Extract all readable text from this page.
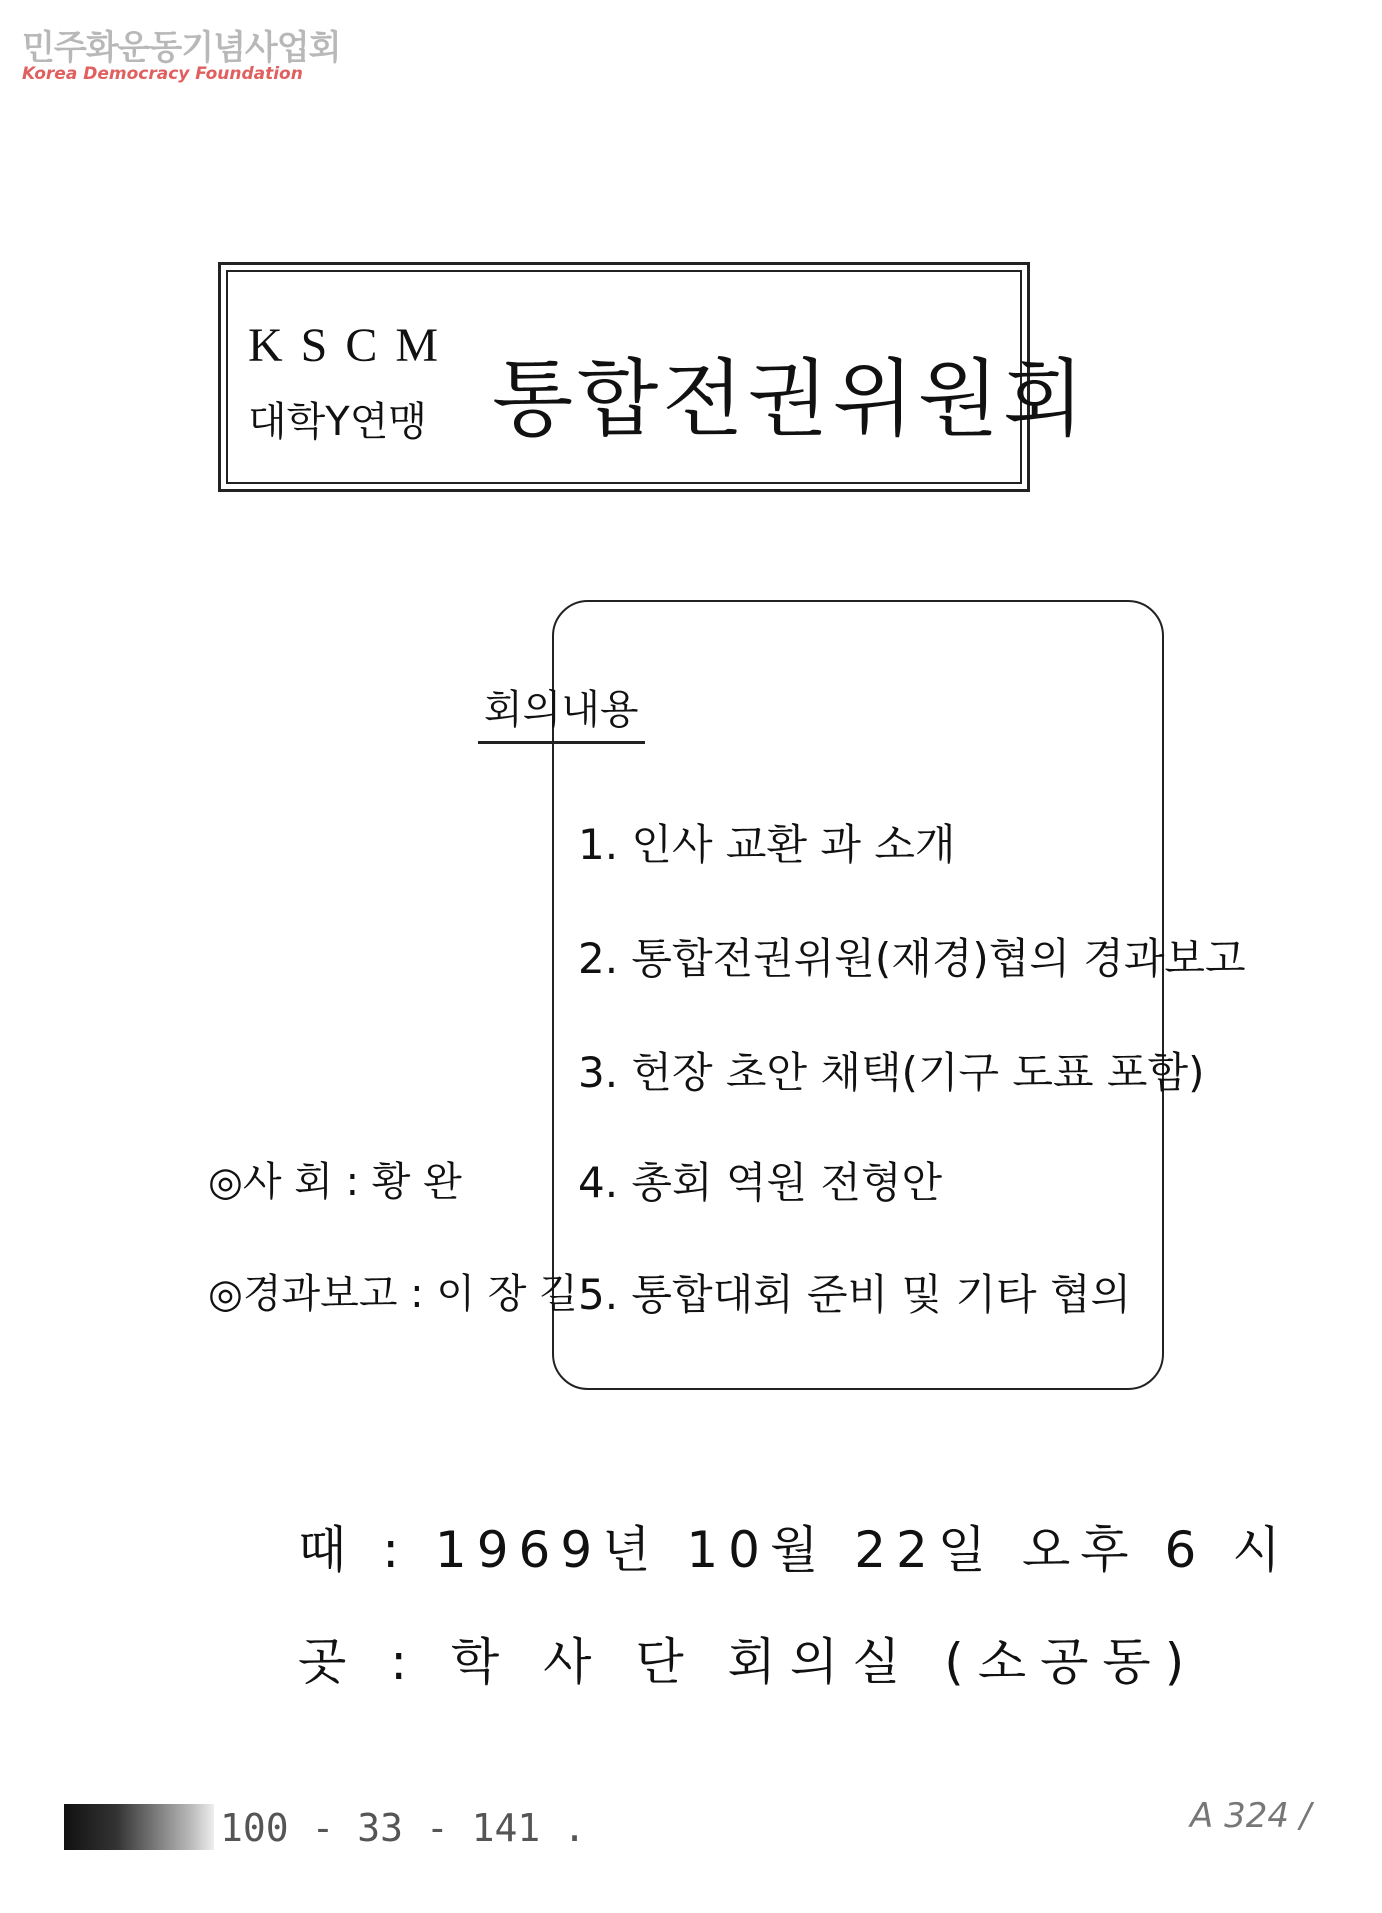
민주화운동기념사업회
Korea Democracy Foundation
KSCM
대학Y연맹 통합전권위원회
회의내용
1. 인사 교환 과 소개
2. 통합전권위원(재경)협의 경과보고
3. 헌장 초안 채택(기구 도표 포함)
4. 총회 역원 전형안
5. 통합대회 준비 및 기타 협의
◎사 회 : 황 완
◎경과보고 : 이 장 길
때 : 1969년 10월 22일 오후 6 시
곳 : 학 사 단 회의실 (소공동)
100 - 33 - 141 .	A 324 /
